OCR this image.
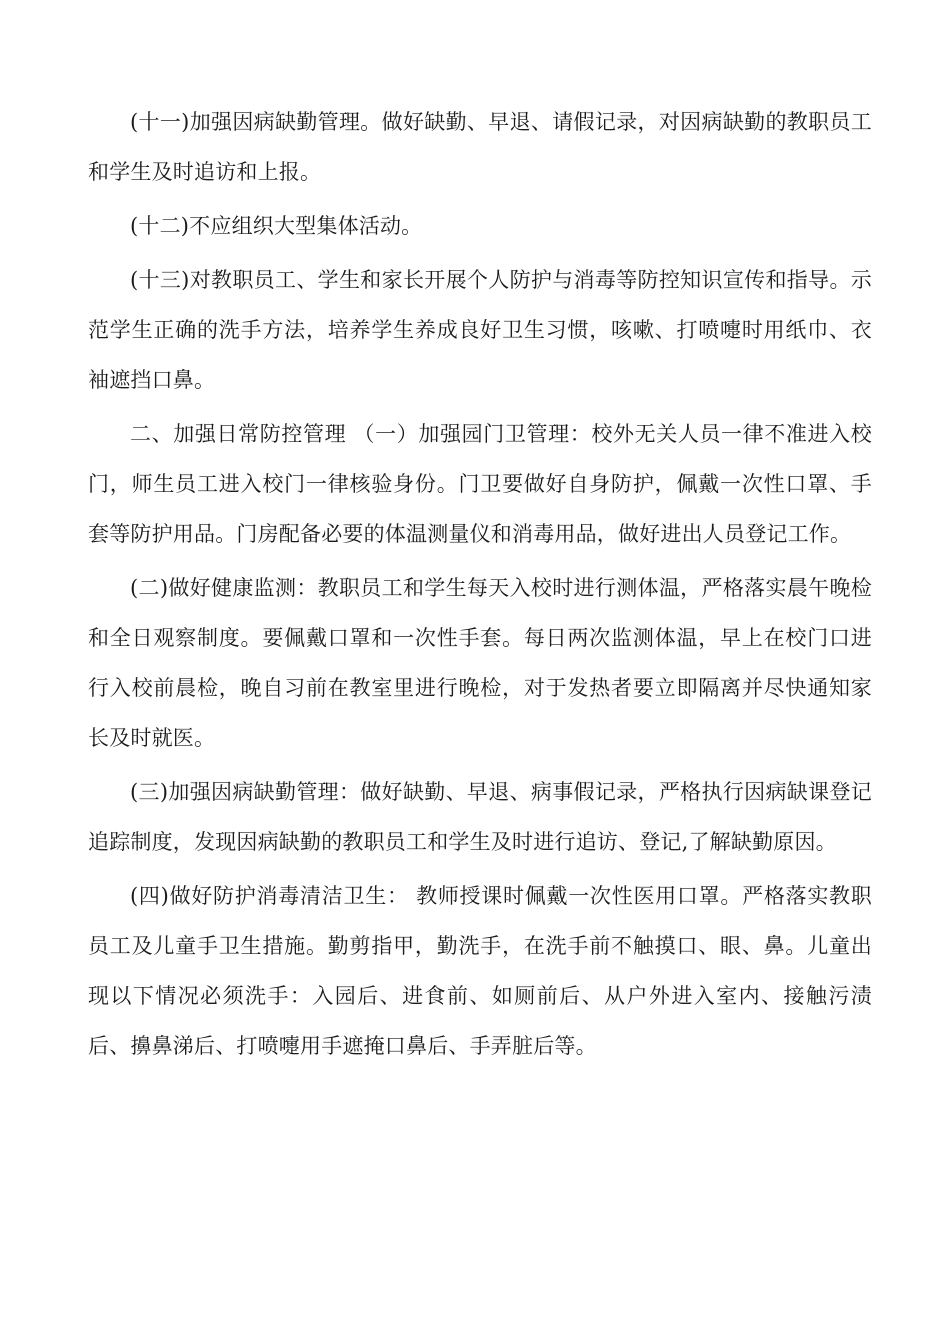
(十一)加强因病缺勤管理。做好缺勤、早退、请假记录，对因病缺勤的教职员工和学生及时追访和上报。

(十二)不应组织大型集体活动。

(十三)对教职员工、学生和家长开展个人防护与消毒等防控知识宣传和指导。示范学生正确的洗手方法，培养学生养成良好卫生习惯，咳嗽、打喷嚏时用纸巾、衣袖遮挡口鼻。

二、加强日常防控管理 （一）加强园门卫管理：校外无关人员一律不准进入校门，师生员工进入校门一律核验身份。门卫要做好自身防护，佩戴一次性口罩、手套等防护用品。门房配备必要的体温测量仪和消毒用品，做好进出人员登记工作。

(二)做好健康监测：教职员工和学生每天入校时进行测体温，严格落实晨午晚检和全日观察制度。要佩戴口罩和一次性手套。每日两次监测体温，早上在校门口进行入校前晨检，晚自习前在教室里进行晚检，对于发热者要立即隔离并尽快通知家长及时就医。

(三)加强因病缺勤管理：做好缺勤、早退、病事假记录，严格执行因病缺课登记追踪制度，发现因病缺勤的教职员工和学生及时进行追访、登记,了解缺勤原因。

(四)做好防护消毒清洁卫生： 教师授课时佩戴一次性医用口罩。严格落实教职员工及儿童手卫生措施。勤剪指甲，勤洗手，在洗手前不触摸口、眼、鼻。儿童出现以下情况必须洗手：入园后、进食前、如厕前后、从户外进入室内、接触污渍后、擤鼻涕后、打喷嚏用手遮掩口鼻后、手弄脏后等。
